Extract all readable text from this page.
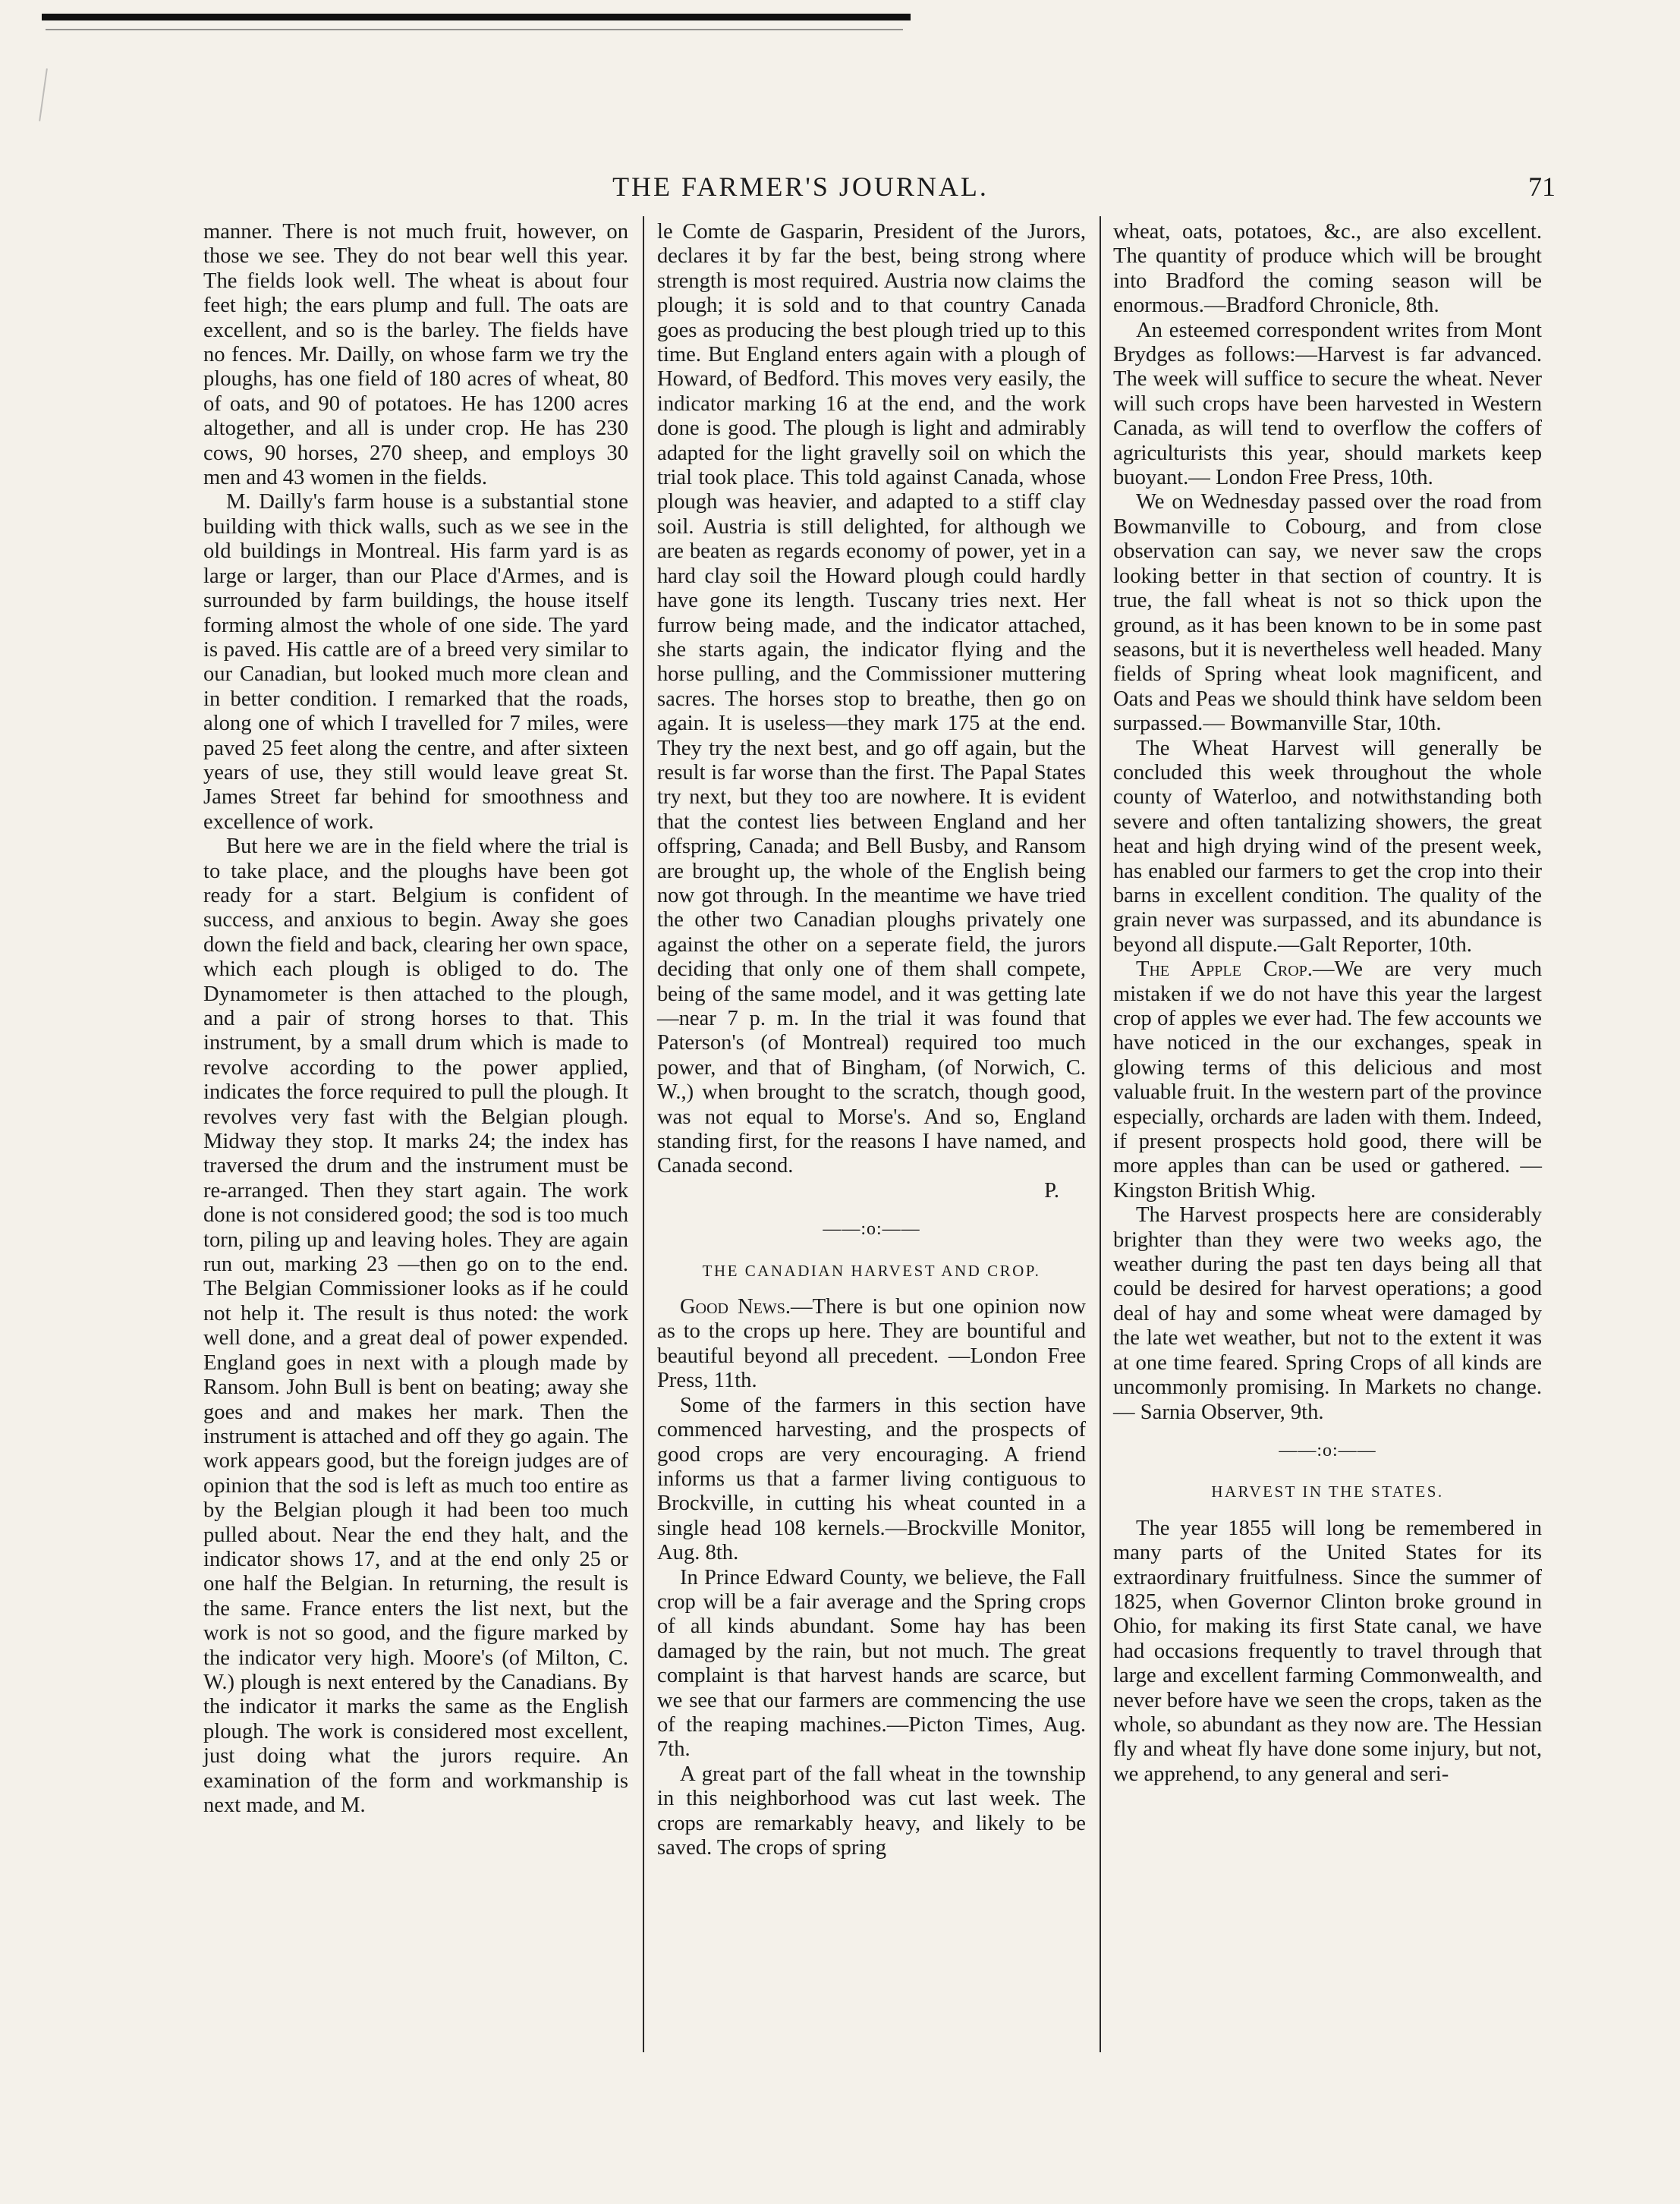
THE FARMER'S JOURNAL.	71

manner. There is not much fruit, however, on those we see. They do not bear well this year. The fields look well. The wheat is about four feet high; the ears plump and full. The oats are excellent, and so is the barley. The fields have no fences. Mr. Dailly, on whose farm we try the ploughs, has one field of 180 acres of wheat, 80 of oats, and 90 of potatoes. He has 1200 acres altogether, and all is under crop. He has 230 cows, 90 horses, 270 sheep, and employs 30 men and 43 women in the fields.

M. Dailly's farm house is a substantial stone building with thick walls, such as we see in the old buildings in Montreal. His farm yard is as large or larger, than our Place d'Armes, and is surrounded by farm buildings, the house itself forming almost the whole of one side. The yard is paved. His cattle are of a breed very similar to our Canadian, but looked much more clean and in better condition. I remarked that the roads, along one of which I travelled for 7 miles, were paved 25 feet along the centre, and after sixteen years of use, they still would leave great St. James Street far behind for smoothness and excellence of work.

But here we are in the field where the trial is to take place, and the ploughs have been got ready for a start. Belgium is confident of success, and anxious to begin. Away she goes down the field and back, clearing her own space, which each plough is obliged to do. The Dynamometer is then attached to the plough, and a pair of strong horses to that. This instrument, by a small drum which is made to revolve according to the power applied, indicates the force required to pull the plough. It revolves very fast with the Belgian plough. Midway they stop. It marks 24; the index has traversed the drum and the instrument must be re-arranged. Then they start again. The work done is not considered good; the sod is too much torn, piling up and leaving holes. They are again run out, marking 23 —then go on to the end. The Belgian Commissioner looks as if he could not help it. The result is thus noted: the work well done, and a great deal of power expended. England goes in next with a plough made by Ransom. John Bull is bent on beating; away she goes and and makes her mark. Then the instrument is attached and off they go again. The work appears good, but the foreign judges are of opinion that the sod is left as much too entire as by the Belgian plough it had been too much pulled about. Near the end they halt, and the indicator shows 17, and at the end only 25 or one half the Belgian. In returning, the result is the same. France enters the list next, but the work is not so good, and the figure marked by the indicator very high. Moore's (of Milton, C. W.) plough is next entered by the Canadians. By the indicator it marks the same as the English plough. The work is considered most excellent, just doing what the jurors require. An examination of the form and workmanship is next made, and M.

le Comte de Gasparin, President of the Jurors, declares it by far the best, being strong where strength is most required. Austria now claims the plough; it is sold and to that country Canada goes as producing the best plough tried up to this time. But England enters again with a plough of Howard, of Bedford. This moves very easily, the indicator marking 16 at the end, and the work done is good. The plough is light and admirably adapted for the light gravelly soil on which the trial took place. This told against Canada, whose plough was heavier, and adapted to a stiff clay soil. Austria is still delighted, for although we are beaten as regards economy of power, yet in a hard clay soil the Howard plough could hardly have gone its length. Tuscany tries next. Her furrow being made, and the indicator attached, she starts again, the indicator flying and the horse pulling, and the Commissioner muttering sacres. The horses stop to breathe, then go on again. It is useless—they mark 175 at the end. They try the next best, and go off again, but the result is far worse than the first. The Papal States try next, but they too are nowhere. It is evident that the contest lies between England and her offspring, Canada; and Bell Busby, and Ransom are brought up, the whole of the English being now got through. In the meantime we have tried the other two Canadian ploughs privately one against the other on a seperate field, the jurors deciding that only one of them shall compete, being of the same model, and it was getting late—near 7 p. m. In the trial it was found that Paterson's (of Montreal) required too much power, and that of Bingham, (of Norwich, C. W.,) when brought to the scratch, though good, was not equal to Morse's. And so, England standing first, for the reasons I have named, and Canada second.

P.

——:o:——
THE CANADIAN HARVEST AND CROP.

Good News.—There is but one opinion now as to the crops up here. They are bountiful and beautiful beyond all precedent. —London Free Press, 11th.

Some of the farmers in this section have commenced harvesting, and the prospects of good crops are very encouraging. A friend informs us that a farmer living contiguous to Brockville, in cutting his wheat counted in a single head 108 kernels.—Brockville Monitor, Aug. 8th.

In Prince Edward County, we believe, the Fall crop will be a fair average and the Spring crops of all kinds abundant. Some hay has been damaged by the rain, but not much. The great complaint is that harvest hands are scarce, but we see that our farmers are commencing the use of the reaping machines.—Picton Times, Aug. 7th.

A great part of the fall wheat in the township in this neighborhood was cut last week. The crops are remarkably heavy, and likely to be saved. The crops of spring

wheat, oats, potatoes, &c., are also excellent. The quantity of produce which will be brought into Bradford the coming season will be enormous.—Bradford Chronicle, 8th.

An esteemed correspondent writes from Mont Brydges as follows:—Harvest is far advanced. The week will suffice to secure the wheat. Never will such crops have been harvested in Western Canada, as will tend to overflow the coffers of agriculturists this year, should markets keep buoyant.— London Free Press, 10th.

We on Wednesday passed over the road from Bowmanville to Cobourg, and from close observation can say, we never saw the crops looking better in that section of country. It is true, the fall wheat is not so thick upon the ground, as it has been known to be in some past seasons, but it is nevertheless well headed. Many fields of Spring wheat look magnificent, and Oats and Peas we should think have seldom been surpassed.— Bowmanville Star, 10th.

The Wheat Harvest will generally be concluded this week throughout the whole county of Waterloo, and notwithstanding both severe and often tantalizing showers, the great heat and high drying wind of the present week, has enabled our farmers to get the crop into their barns in excellent condition. The quality of the grain never was surpassed, and its abundance is beyond all dispute.—Galt Reporter, 10th.

The Apple Crop.—We are very much mistaken if we do not have this year the largest crop of apples we ever had. The few accounts we have noticed in the our exchanges, speak in glowing terms of this delicious and most valuable fruit. In the western part of the province especially, orchards are laden with them. Indeed, if present prospects hold good, there will be more apples than can be used or gathered. —Kingston British Whig.

The Harvest prospects here are considerably brighter than they were two weeks ago, the weather during the past ten days being all that could be desired for harvest operations; a good deal of hay and some wheat were damaged by the late wet weather, but not to the extent it was at one time feared. Spring Crops of all kinds are uncommonly promising. In Markets no change. — Sarnia Observer, 9th.

——:o:——
HARVEST IN THE STATES.

The year 1855 will long be remembered in many parts of the United States for its extraordinary fruitfulness. Since the summer of 1825, when Governor Clinton broke ground in Ohio, for making its first State canal, we have had occasions frequently to travel through that large and excellent farming Commonwealth, and never before have we seen the crops, taken as the whole, so abundant as they now are. The Hessian fly and wheat fly have done some injury, but not, we apprehend, to any general and seri-
